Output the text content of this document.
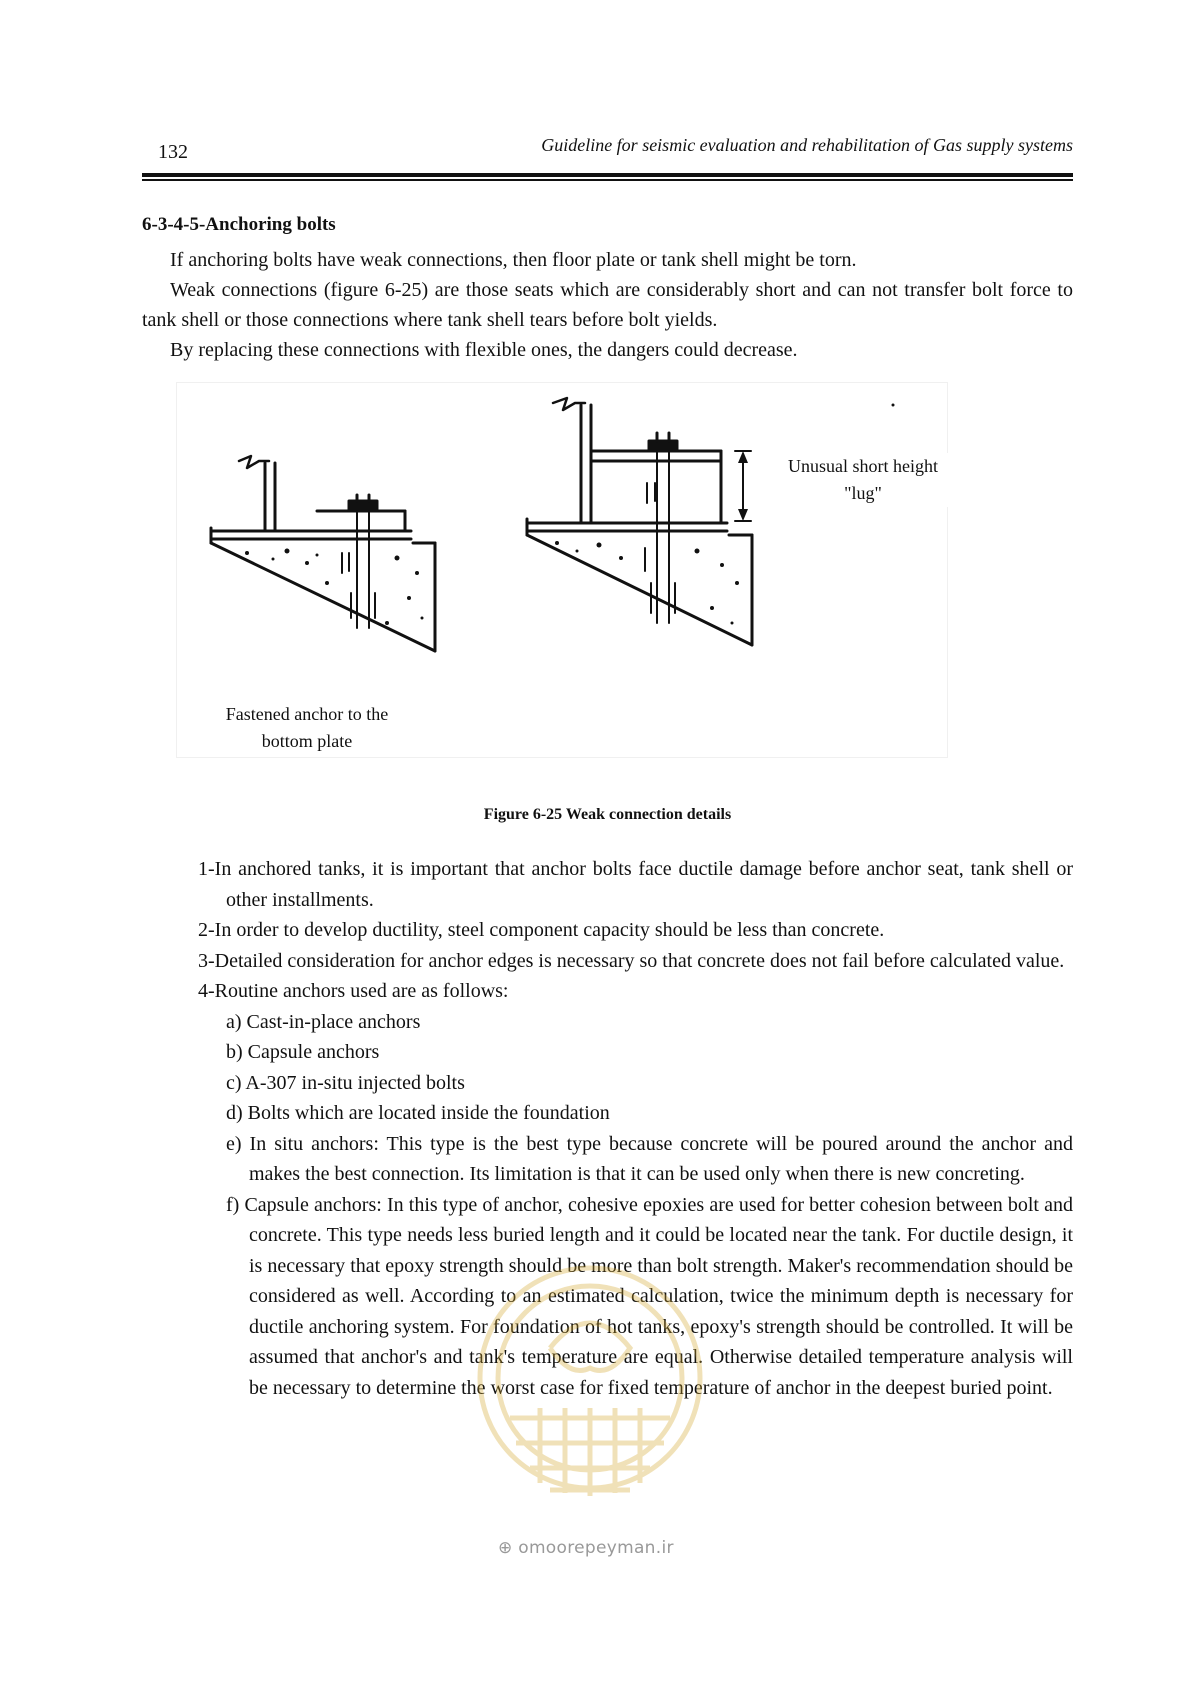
132	Guideline for seismic evaluation and rehabilitation of Gas supply systems
6-3-4-5-Anchoring bolts

If anchoring bolts have weak connections, then floor plate or tank shell might be torn.

Weak connections (figure 6-25) are those seats which are considerably short and can not transfer bolt force to tank shell or those connections where tank shell tears before bolt yields.

By replacing these connections with flexible ones, the dangers could decrease.

Unusual short height
"lug"
Fastened anchor to the
bottom plate
Figure 6-25 Weak connection details
1-In anchored tanks, it is important that anchor bolts face ductile damage before anchor seat, tank shell or other installments.
2-In order to develop ductility, steel component capacity should be less than concrete.
3-Detailed consideration for anchor edges is necessary so that concrete does not fail before calculated value.
4-Routine anchors used are as follows:
a) Cast-in-place anchors
b) Capsule anchors
c) A-307 in-situ injected bolts
d) Bolts which are located inside the foundation
e) In situ anchors: This type is the best type because concrete will be poured around the anchor and makes the best connection. Its limitation is that it can be used only when there is new concreting.
f) Capsule anchors: In this type of anchor, cohesive epoxies are used for better cohesion between bolt and concrete. This type needs less buried length and it could be located near the tank. For ductile design, it is necessary that epoxy strength should be more than bolt strength. Maker's recommendation should be considered as well. According to an estimated calculation, twice the minimum depth is necessary for ductile anchoring system. For foundation of hot tanks, epoxy's strength should be controlled. It will be assumed that anchor's and tank's temperature are equal. Otherwise detailed temperature analysis will be necessary to determine the worst case for fixed temperature of anchor in the deepest buried point.
⊕ omoorepeyman.ir
